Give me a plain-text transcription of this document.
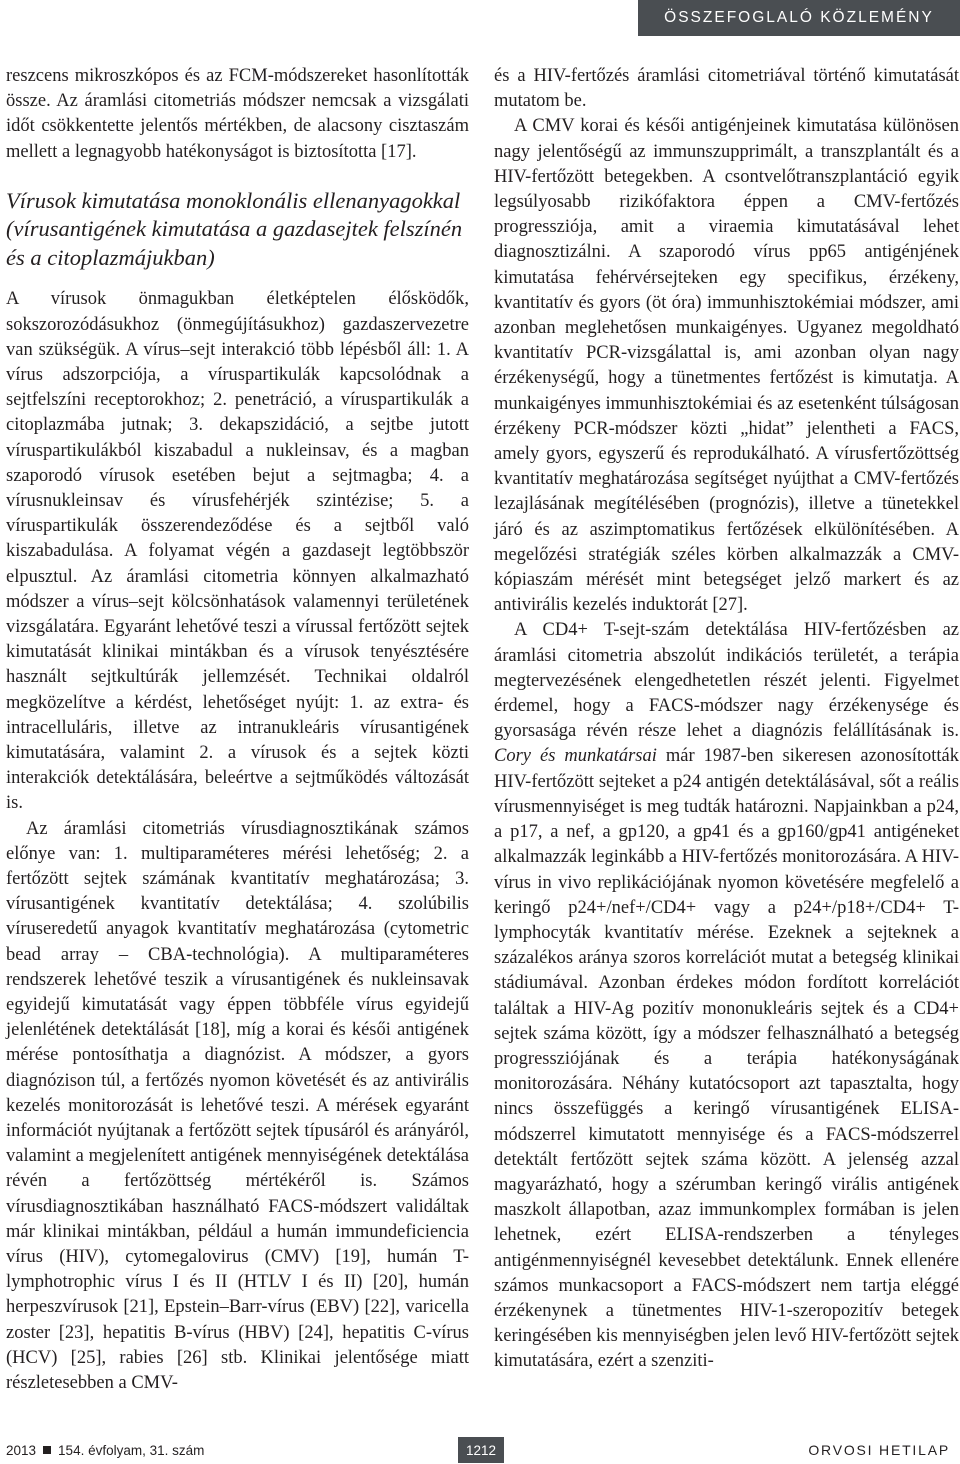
ÖSSZEFOGLALÓ KÖZLEMÉNY

reszcens mikroszkópos és az FCM-módszereket hasonlították össze. Az áramlási citometriás módszer nemcsak a vizsgálati időt csökkentette jelentős mértékben, de alacsony cisztaszám mellett a legnagyobb hatékonyságot is biztosította [17].

Vírusok kimutatása monoklonális ellenanyagokkal (vírusantigének kimutatása a gazdasejtek felszínén és a citoplazmájukban)

A vírusok önmagukban életképtelen élősködők, sokszorozódásukhoz (önmegújításukhoz) gazdaszervezetre van szükségük. A vírus–sejt interakció több lépésből áll: 1. A vírus adszorpciója, a víruspartikulák kapcsolódnak a sejtfelszíni receptorokhoz; 2. penetráció, a víruspartikulák a citoplazmába jutnak; 3. dekapszidáció, a sejtbe jutott víruspartikulákból kiszabadul a nukleinsav, és a magban szaporodó vírusok esetében bejut a sejtmagba; 4. a vírusnukleinsav és vírusfehérjék szintézise; 5. a víruspartikulák összerendeződése és a sejtből való kiszabadulása. A folyamat végén a gazdasejt legtöbbször elpusztul. Az áramlási citometria könnyen alkalmazható módszer a vírus–sejt kölcsönhatások valamennyi területének vizsgálatára. Egyaránt lehetővé teszi a vírussal fertőzött sejtek kimutatását klinikai mintákban és a vírusok tenyésztésére használt sejtkultúrák jellemzését. Technikai oldalról megközelítve a kérdést, lehetőséget nyújt: 1. az extra- és intracelluláris, illetve az intranukleáris vírusantigének kimutatására, valamint 2. a vírusok és a sejtek közti interakciók detektálására, beleértve a sejtműködés változását is.

Az áramlási citometriás vírusdiagnosztikának számos előnye van: 1. multiparaméteres mérési lehetőség; 2. a fertőzött sejtek számának kvantitatív meghatározása; 3. vírusantigének kvantitatív detektálása; 4. szolúbilis víruseredetű anyagok kvantitatív meghatározása (cytometric bead array – CBA-technológia). A multiparaméteres rendszerek lehetővé teszik a vírusantigének és nukleinsavak egyidejű kimutatását vagy éppen többféle vírus egyidejű jelenlétének detektálását [18], míg a korai és késői antigének mérése pontosíthatja a diagnózist. A módszer, a gyors diagnózison túl, a fertőzés nyomon követését és az antivirális kezelés monitorozását is lehetővé teszi. A mérések egyaránt információt nyújtanak a fertőzött sejtek típusáról és arányáról, valamint a megjelenített antigének mennyiségének detektálása révén a fertőzöttség mértékéről is. Számos vírusdiagnosztikában használható FACS-módszert validáltak már klinikai mintákban, például a humán immundeficiencia vírus (HIV), cytomegalovirus (CMV) [19], humán T-lymphotrophic vírus I és II (HTLV I és II) [20], humán herpeszvírusok [21], Epstein–Barr-vírus (EBV) [22], varicella zoster [23], hepatitis B-vírus (HBV) [24], hepatitis C-vírus (HCV) [25], rabies [26] stb. Klinikai jelentősége miatt részletesebben a CMV-

és a HIV-fertőzés áramlási citometriával történő kimutatását mutatom be.

A CMV korai és késői antigénjeinek kimutatása különösen nagy jelentőségű az immunszupprimált, a transzplantált és a HIV-fertőzött betegekben. A csontvelőtranszplantáció egyik legsúlyosabb rizikófaktora éppen a CMV-fertőzés progressziója, amit a viraemia kimutatásával lehet diagnosztizálni. A szaporodó vírus pp65 antigénjének kimutatása fehérvérsejteken egy specifikus, érzékeny, kvantitatív és gyors (öt óra) immunhisztokémiai módszer, ami azonban meglehetősen munkaigényes. Ugyanez megoldható kvantitatív PCR-vizsgálattal is, ami azonban olyan nagy érzékenységű, hogy a tünetmentes fertőzést is kimutatja. A munkaigényes immunhisztokémiai és az esetenként túlságosan érzékeny PCR-módszer közti „hidat” jelentheti a FACS, amely gyors, egyszerű és reprodukálható. A vírusfertőzöttség kvantitatív meghatározása segítséget nyújthat a CMV-fertőzés lezajlásának megítélésében (prognózis), illetve a tünetekkel járó és az aszimptomatikus fertőzések elkülönítésében. A megelőzési stratégiák széles körben alkalmazzák a CMV-kópiaszám mérését mint betegséget jelző markert és az antivirális kezelés induktorát [27].

A CD4+ T-sejt-szám detektálása HIV-fertőzésben az áramlási citometria abszolút indikációs területét, a terápia megtervezésének elengedhetetlen részét jelenti. Figyelmet érdemel, hogy a FACS-módszer nagy érzékenysége és gyorsasága révén része lehet a diagnózis felállításának is. Cory és munkatársai már 1987-ben sikeresen azonosították HIV-fertőzött sejteket a p24 antigén detektálásával, sőt a reális vírusmennyiséget is meg tudták határozni. Napjainkban a p24, a p17, a nef, a gp120, a gp41 és a gp160/gp41 antigéneket alkalmazzák leginkább a HIV-fertőzés monitorozására. A HIV-vírus in vivo replikációjának nyomon követésére megfelelő a keringő p24+/nef+/CD4+ vagy a p24+/p18+/CD4+ T-lymphocyták kvantitatív mérése. Ezeknek a sejteknek a százalékos aránya szoros korrelációt mutat a betegség klinikai stádiumával. Azonban érdekes módon fordított korrelációt találtak a HIV-Ag pozitív mononukleáris sejtek és a CD4+ sejtek száma között, így a módszer felhasználható a betegség progressziójának és a terápia hatékonyságának monitorozására. Néhány kutatócsoport azt tapasztalta, hogy nincs összefüggés a keringő vírusantigének ELISA-módszerrel kimutatott mennyisége és a FACS-módszerrel detektált fertőzött sejtek száma között. A jelenség azzal magyarázható, hogy a szérumban keringő virális antigének maszkolt állapotban, azaz immunkomplex formában is jelen lehetnek, ezért ELISA-rendszerben a tényleges antigénmennyiségnél kevesebbet detektálunk. Ennek ellenére számos munkacsoport a FACS-módszert nem tartja eléggé érzékenynek a tünetmentes HIV-1-szeropozitív betegek keringésében kis mennyiségben jelen levő HIV-fertőzött sejtek kimutatására, ezért a szenziti-

2013 154. évfolyam, 31. szám	ORVOSI HETILAP
1212
